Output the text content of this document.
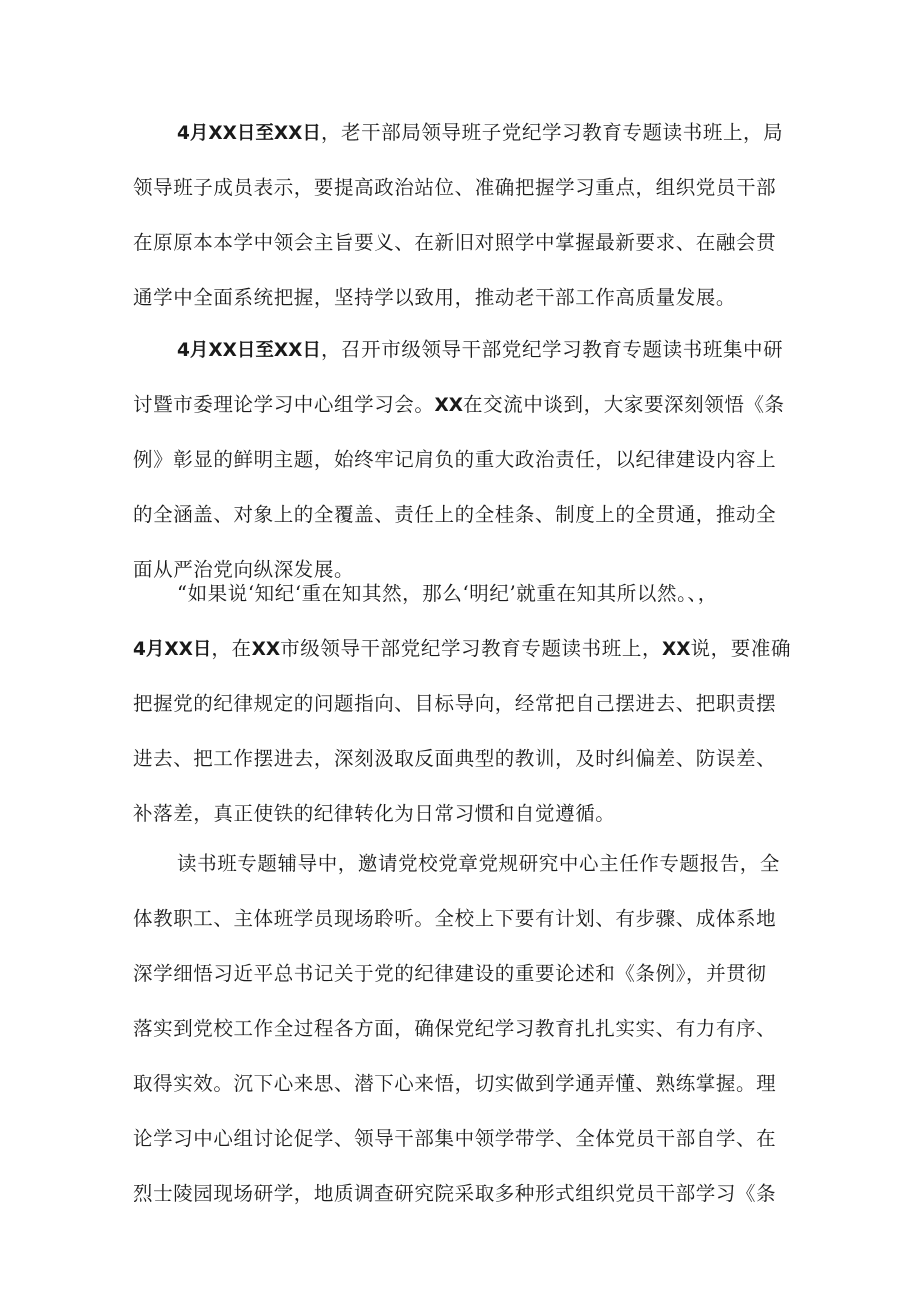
4月XX日至XX日，老干部局领导班子党纪学习教育专题读书班上，局
领导班子成员表示，要提高政治站位、准确把握学习重点，组织党员干部
在原原本本学中领会主旨要义、在新旧对照学中掌握最新要求、在融会贯
通学中全面系统把握，坚持学以致用，推动老干部工作高质量发展。
4月XX日至XX日，召开市级领导干部党纪学习教育专题读书班集中研
讨暨市委理论学习中心组学习会。XX在交流中谈到，大家要深刻领悟《条
例》彰显的鲜明主题，始终牢记肩负的重大政治责任，以纪律建设内容上
的全涵盖、对象上的全覆盖、责任上的全桂条、制度上的全贯通，推动全
面从严治党向纵深发展。
“如果说‘知纪‘重在知其然，那么‘明纪’就重在知其所以然。、，
4月XX日，在XX市级领导干部党纪学习教育专题读书班上，XX说，要准确
把握党的纪律规定的问题指向、目标导向，经常把自己摆进去、把职责摆
进去、把工作摆进去，深刻汲取反面典型的教训，及时纠偏差、防误差、
补落差，真正使铁的纪律转化为日常习惯和自觉遵循。
读书班专题辅导中，邀请党校党章党规研究中心主任作专题报告，全
体教职工、主体班学员现场聆听。全校上下要有计划、有步骤、成体系地
深学细悟习近平总书记关于党的纪律建设的重要论述和《条例》，并贯彻
落实到党校工作全过程各方面，确保党纪学习教育扎扎实实、有力有序、
取得实效。沉下心来思、潜下心来悟，切实做到学通弄懂、熟练掌握。理
论学习中心组讨论促学、领导干部集中领学带学、全体党员干部自学、在
烈士陵园现场研学，地质调查研究院采取多种形式组织党员干部学习《条
